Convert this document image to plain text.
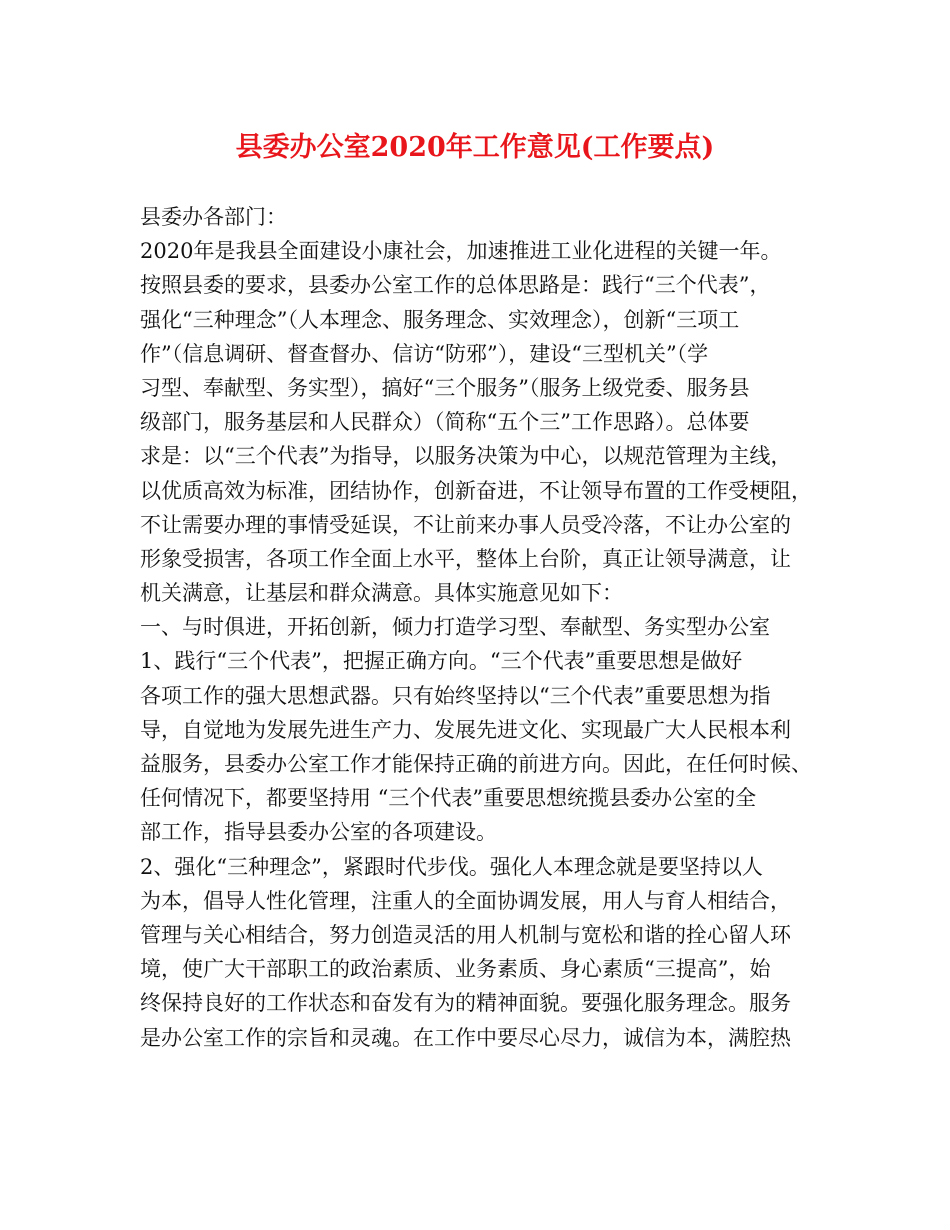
县委办公室2020年工作意见(工作要点)
县委办各部门：
2020年是我县全面建设小康社会，加速推进工业化进程的关键一年。
按照县委的要求，县委办公室工作的总体思路是：践行“三个代表”，
强化“三种理念”（人本理念、服务理念、实效理念），创新“三项工
作”（信息调研、督查督办、信访“防邪”），建设“三型机关”（学
习型、奉献型、务实型），搞好“三个服务”（服务上级党委、服务县
级部门，服务基层和人民群众）（简称“五个三”工作思路）。总体要
求是：以“三个代表”为指导，以服务决策为中心，以规范管理为主线，
以优质高效为标准，团结协作，创新奋进，不让领导布置的工作受梗阻，
不让需要办理的事情受延误，不让前来办事人员受冷落，不让办公室的
形象受损害，各项工作全面上水平，整体上台阶，真正让领导满意，让
机关满意，让基层和群众满意。具体实施意见如下：
一、与时俱进，开拓创新，倾力打造学习型、奉献型、务实型办公室
1、践行“三个代表”，把握正确方向。“三个代表”重要思想是做好
各项工作的强大思想武器。只有始终坚持以“三个代表”重要思想为指
导，自觉地为发展先进生产力、发展先进文化、实现最广大人民根本利
益服务，县委办公室工作才能保持正确的前进方向。因此，在任何时候、
任何情况下，都要坚持用 “三个代表”重要思想统揽县委办公室的全
部工作，指导县委办公室的各项建设。
2、强化“三种理念”，紧跟时代步伐。强化人本理念就是要坚持以人
为本，倡导人性化管理，注重人的全面协调发展，用人与育人相结合，
管理与关心相结合，努力创造灵活的用人机制与宽松和谐的拴心留人环
境，使广大干部职工的政治素质、业务素质、身心素质“三提高”，始
终保持良好的工作状态和奋发有为的精神面貌。要强化服务理念。服务
是办公室工作的宗旨和灵魂。在工作中要尽心尽力，诚信为本，满腔热
